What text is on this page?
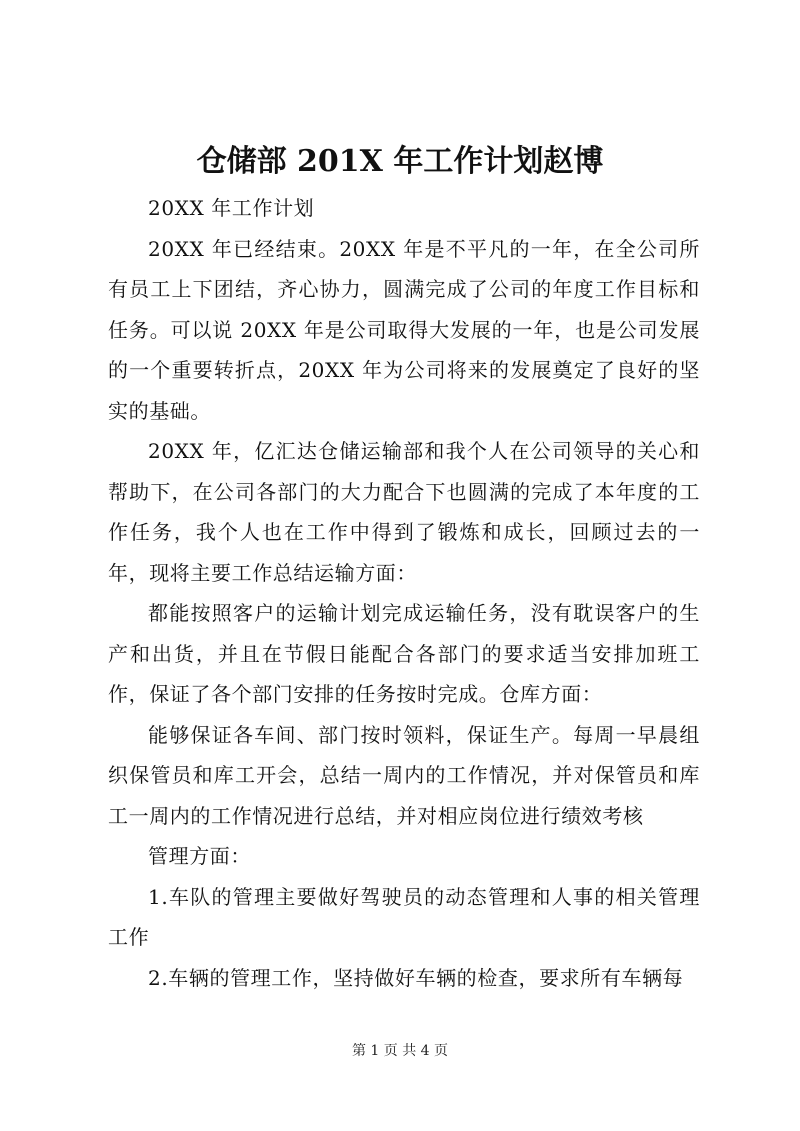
仓储部 201X 年工作计划赵博

20XX 年工作计划

20XX 年已经结束。20XX 年是不平凡的一年，在全公司所有员工上下团结，齐心协力，圆满完成了公司的年度工作目标和任务。可以说 20XX 年是公司取得大发展的一年，也是公司发展的一个重要转折点，20XX 年为公司将来的发展奠定了良好的坚实的基础。

20XX 年，亿汇达仓储运输部和我个人在公司领导的关心和帮助下，在公司各部门的大力配合下也圆满的完成了本年度的工作任务，我个人也在工作中得到了锻炼和成长，回顾过去的一年，现将主要工作总结运输方面：

都能按照客户的运输计划完成运输任务，没有耽误客户的生产和出货，并且在节假日能配合各部门的要求适当安排加班工作，保证了各个部门安排的任务按时完成。仓库方面：

能够保证各车间、部门按时领料，保证生产。每周一早晨组织保管员和库工开会，总结一周内的工作情况，并对保管员和库工一周内的工作情况进行总结，并对相应岗位进行绩效考核

管理方面：

1.车队的管理主要做好驾驶员的动态管理和人事的相关管理工作

2.车辆的管理工作，坚持做好车辆的检查，要求所有车辆每

第 1 页 共 4 页
